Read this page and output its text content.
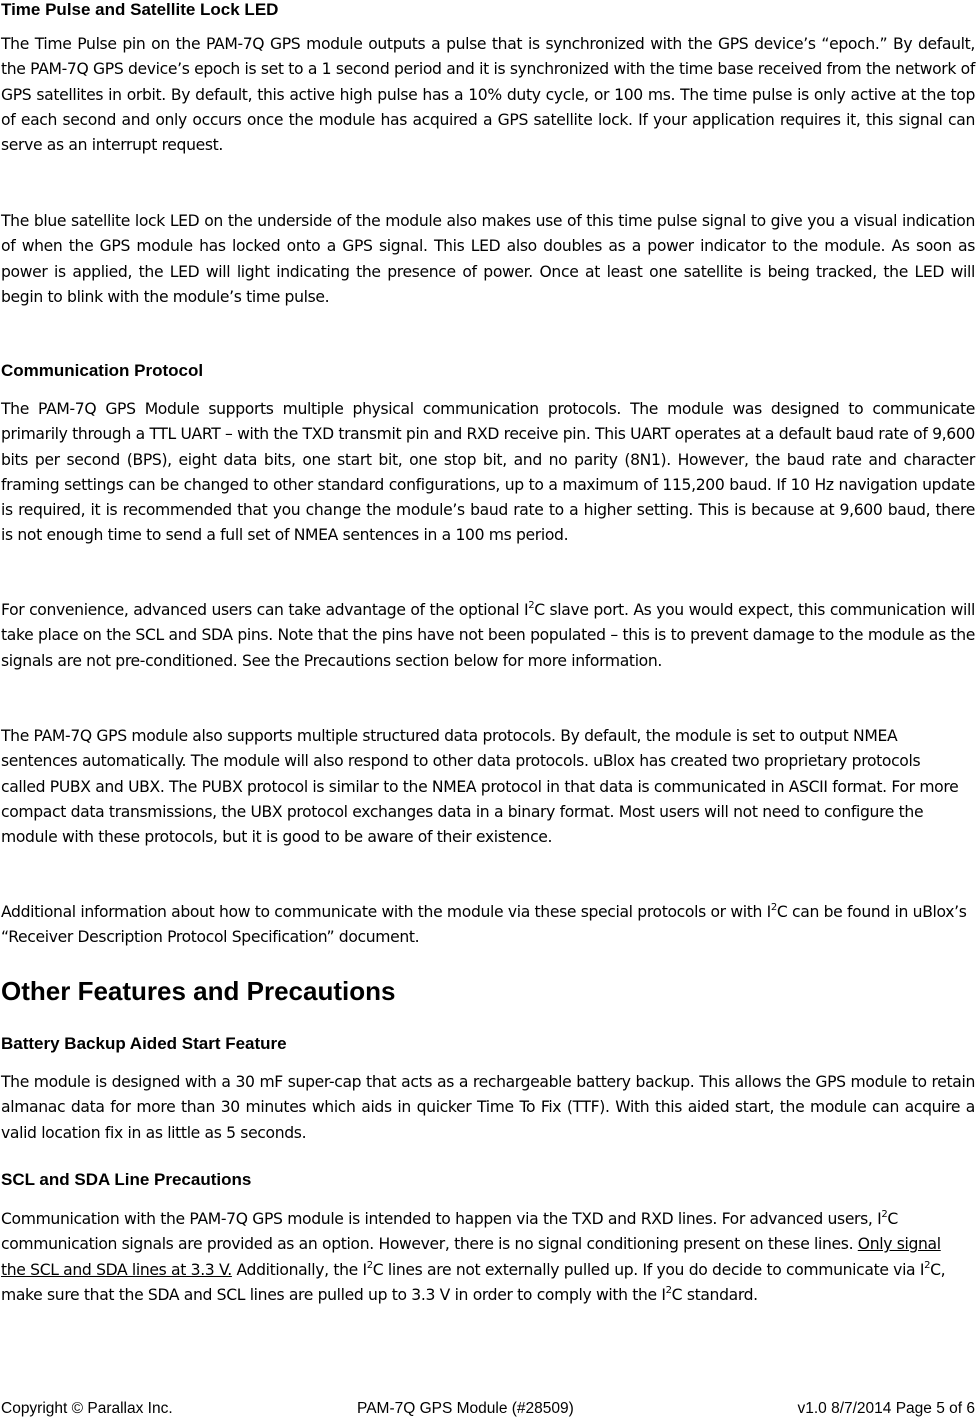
Time Pulse and Satellite Lock LED

The Time Pulse pin on the PAM-7Q GPS module outputs a pulse that is synchronized with the GPS device’s “epoch.” By default, the PAM-7Q GPS device’s epoch is set to a 1 second period and it is synchronized with the time base received from the network of GPS satellites in orbit. By default, this active high pulse has a 10% duty cycle, or 100 ms. The time pulse is only active at the top of each second and only occurs once the module has acquired a GPS satellite lock. If your application requires it, this signal can serve as an interrupt request.

The blue satellite lock LED on the underside of the module also makes use of this time pulse signal to give you a visual indication of when the GPS module has locked onto a GPS signal. This LED also doubles as a power indicator to the module. As soon as power is applied, the LED will light indicating the presence of power. Once at least one satellite is being tracked, the LED will begin to blink with the module’s time pulse.

Communication Protocol

The PAM-7Q GPS Module supports multiple physical communication protocols. The module was designed to communicate primarily through a TTL UART – with the TXD transmit pin and RXD receive pin. This UART operates at a default baud rate of 9,600 bits per second (BPS), eight data bits, one start bit, one stop bit, and no parity (8N1). However, the baud rate and character framing settings can be changed to other standard configurations, up to a maximum of 115,200 baud. If 10 Hz navigation update is required, it is recommended that you change the module’s baud rate to a higher setting. This is because at 9,600 baud, there is not enough time to send a full set of NMEA sentences in a 100 ms period.

For convenience, advanced users can take advantage of the optional $I^2C$ slave port. As you would expect, this communication will take place on the SCL and SDA pins. Note that the pins have not been populated – this is to prevent damage to the module as the signals are not pre-conditioned. See the Precautions section below for more information.

The PAM-7Q GPS module also supports multiple structured data protocols. By default, the module is set to output NMEA sentences automatically. The module will also respond to other data protocols. uBlox has created two proprietary protocols called PUBX and UBX. The PUBX protocol is similar to the NMEA protocol in that data is communicated in ASCII format. For more compact data transmissions, the UBX protocol exchanges data in a binary format. Most users will not need to configure the module with these protocols, but it is good to be aware of their existence.

Additional information about how to communicate with the module via these special protocols or with $I^2C$ can be found in uBlox’s “Receiver Description Protocol Specification” document.

Other Features and Precautions
Battery Backup Aided Start Feature

The module is designed with a 30 mF super-cap that acts as a rechargeable battery backup. This allows the GPS module to retain almanac data for more than 30 minutes which aids in quicker Time To Fix (TTF). With this aided start, the module can acquire a valid location fix in as little as 5 seconds.

SCL and SDA Line Precautions

Communication with the PAM-7Q GPS module is intended to happen via the TXD and RXD lines. For advanced users, $I^2C$ communication signals are provided as an option. However, there is no signal conditioning present on these lines. Only signal the SCL and SDA lines at 3.3 V. Additionally, the $I^2C$ lines are not externally pulled up. If you do decide to communicate via $I^2C$, make sure that the SDA and SCL lines are pulled up to 3.3 V in order to comply with the $I^2C$ standard.

Copyright © Parallax Inc.	PAM-7Q GPS Module (#28509)	v1.0 8/7/2014 Page 5 of 6
